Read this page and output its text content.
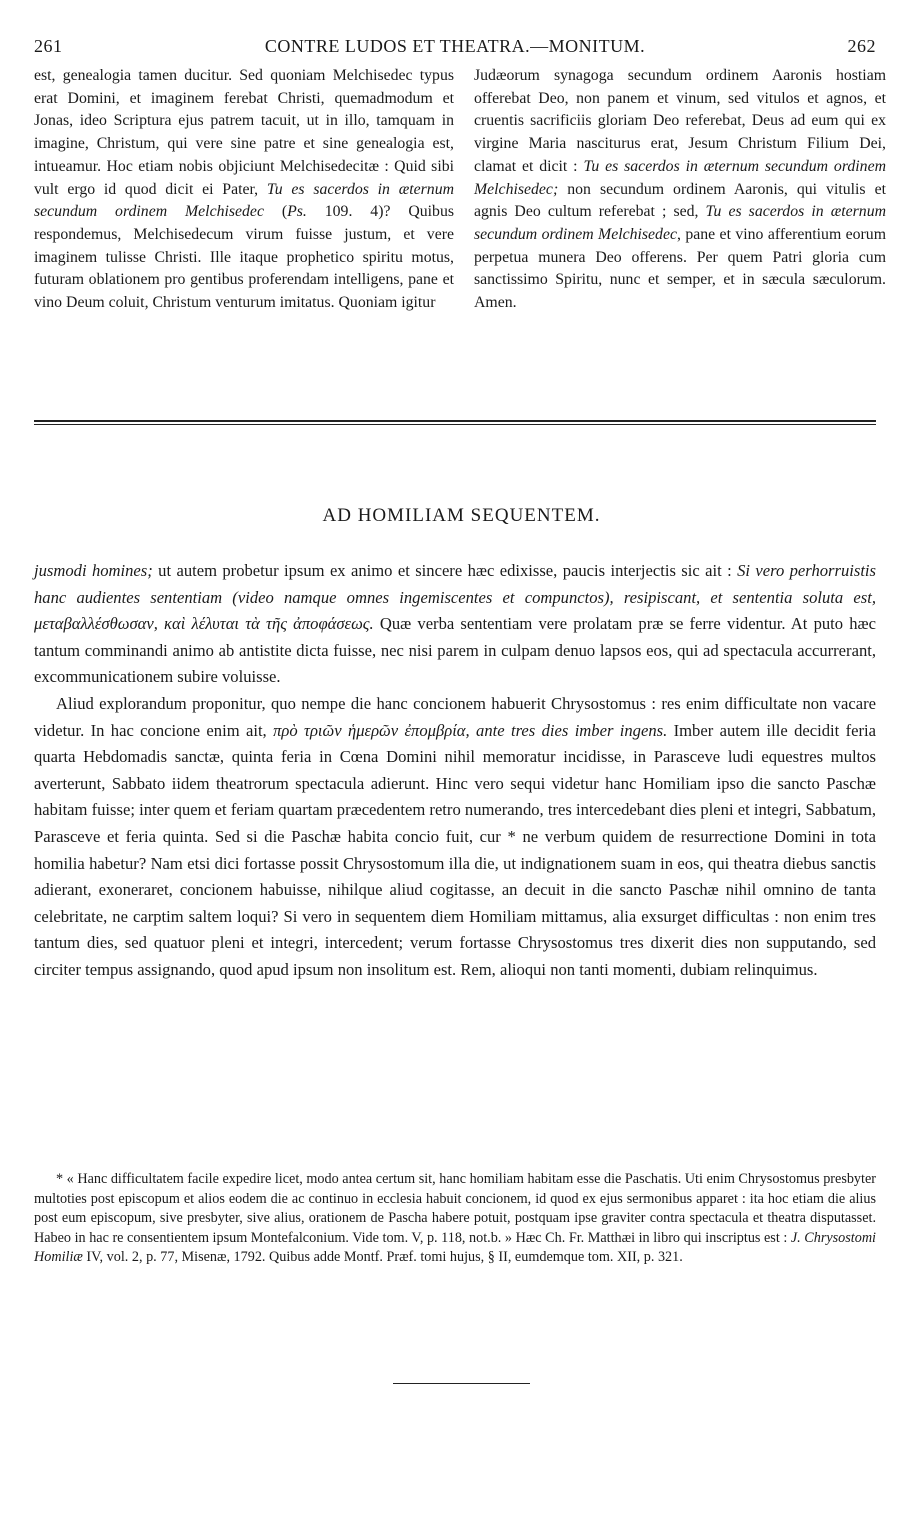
261	CONTRE LUDOS ET THEATRA.—MONITUM.	262

est, genealogia tamen ducitur. Sed quoniam Melchisedec typus erat Domini, et imaginem ferebat Christi, quemadmodum et Jonas, ideo Scriptura ejus patrem tacuit, ut in illo, tamquam in imagine, Christum, qui vere sine patre et sine genealogia est, intueamur. Hoc etiam nobis objiciunt Melchisedecitæ : Quid sibi vult ergo id quod dicit ei Pater, Tu es sacerdos in æternum secundum ordinem Melchisedec (Ps. 109. 4)? Quibus respondemus, Melchisedecum virum fuisse justum, et vere imaginem tulisse Christi. Ille itaque prophetico spiritu motus, futuram oblationem pro gentibus proferendam intelligens, pane et vino Deum coluit, Christum venturum imitatus. Quoniam igitur

Judæorum synagoga secundum ordinem Aaronis hostiam offerebat Deo, non panem et vinum, sed vitulos et agnos, et cruentis sacrificiis gloriam Deo referebat, Deus ad eum qui ex virgine Maria nasciturus erat, Jesum Christum Filium Dei, clamat et dicit : Tu es sacerdos in æternum secundum ordinem Melchisedec; non secundum ordinem Aaronis, qui vitulis et agnis Deo cultum referebat ; sed, Tu es sacerdos in æternum secundum ordinem Melchisedec, pane et vino afferentium eorum perpetua munera Deo offerens. Per quem Patri gloria cum sanctissimo Spiritu, nunc et semper, et in sæcula sæculorum. Amen.

AD HOMILIAM SEQUENTEM.

jusmodi homines; ut autem probetur ipsum ex animo et sincere hæc edixisse, paucis interjectis sic ait : Si vero perhorruistis hanc audientes sententiam (video namque omnes ingemiscentes et compunctos), resipiscant, et sententia soluta est, μεταβαλλέσθωσαν, καὶ λέλυται τὰ τῆς ἀποφάσεως. Quæ verba sententiam vere prolatam præ se ferre videntur. At puto hæc tantum comminandi animo ab antistite dicta fuisse, nec nisi parem in culpam denuo lapsos eos, qui ad spectacula accurrerant, excommunicationem subire voluisse.

Aliud explorandum proponitur, quo nempe die hanc concionem habuerit Chrysostomus : res enim difficultate non vacare videtur. In hac concione enim ait, πρὸ τριῶν ἡμερῶν ἐπομβρία, ante tres dies imber ingens. Imber autem ille decidit feria quarta Hebdomadis sanctæ, quinta feria in Cœna Domini nihil memoratur incidisse, in Parasceve ludi equestres multos averterunt, Sabbato iidem theatrorum spectacula adierunt. Hinc vero sequi videtur hanc Homiliam ipso die sancto Paschæ habitam fuisse; inter quem et feriam quartam præcedentem retro numerando, tres intercedebant dies pleni et integri, Sabbatum, Parasceve et feria quinta. Sed si die Paschæ habita concio fuit, cur * ne verbum quidem de resurrectione Domini in tota homilia habetur? Nam etsi dici fortasse possit Chrysostomum illa die, ut indignationem suam in eos, qui theatra diebus sanctis adierant, exoneraret, concionem habuisse, nihilque aliud cogitasse, an decuit in die sancto Paschæ nihil omnino de tanta celebritate, ne carptim saltem loqui? Si vero in sequentem diem Homiliam mittamus, alia exsurget difficultas : non enim tres tantum dies, sed quatuor pleni et integri, intercedent; verum fortasse Chrysostomus tres dixerit dies non supputando, sed circiter tempus assignando, quod apud ipsum non insolitum est. Rem, alioqui non tanti momenti, dubiam relinquimus.

* « Hanc difficultatem facile expedire licet, modo antea certum sit, hanc homiliam habitam esse die Paschatis. Uti enim Chrysostomus presbyter multoties post episcopum et alios eodem die ac continuo in ecclesia habuit concionem, id quod ex ejus sermonibus apparet : ita hoc etiam die alius post eum episcopum, sive presbyter, sive alius, orationem de Pascha habere potuit, postquam ipse graviter contra spectacula et theatra disputasset. Habeo in hac re consentientem ipsum Montefalconium. Vide tom. V, p. 118, not.b. » Hæc Ch. Fr. Matthæi in libro qui inscriptus est : J. Chrysostomi Homiliæ IV, vol. 2, p. 77, Misenæ, 1792. Quibus adde Montf. Præf. tomi hujus, § II, eumdemque tom. XII, p. 321.
